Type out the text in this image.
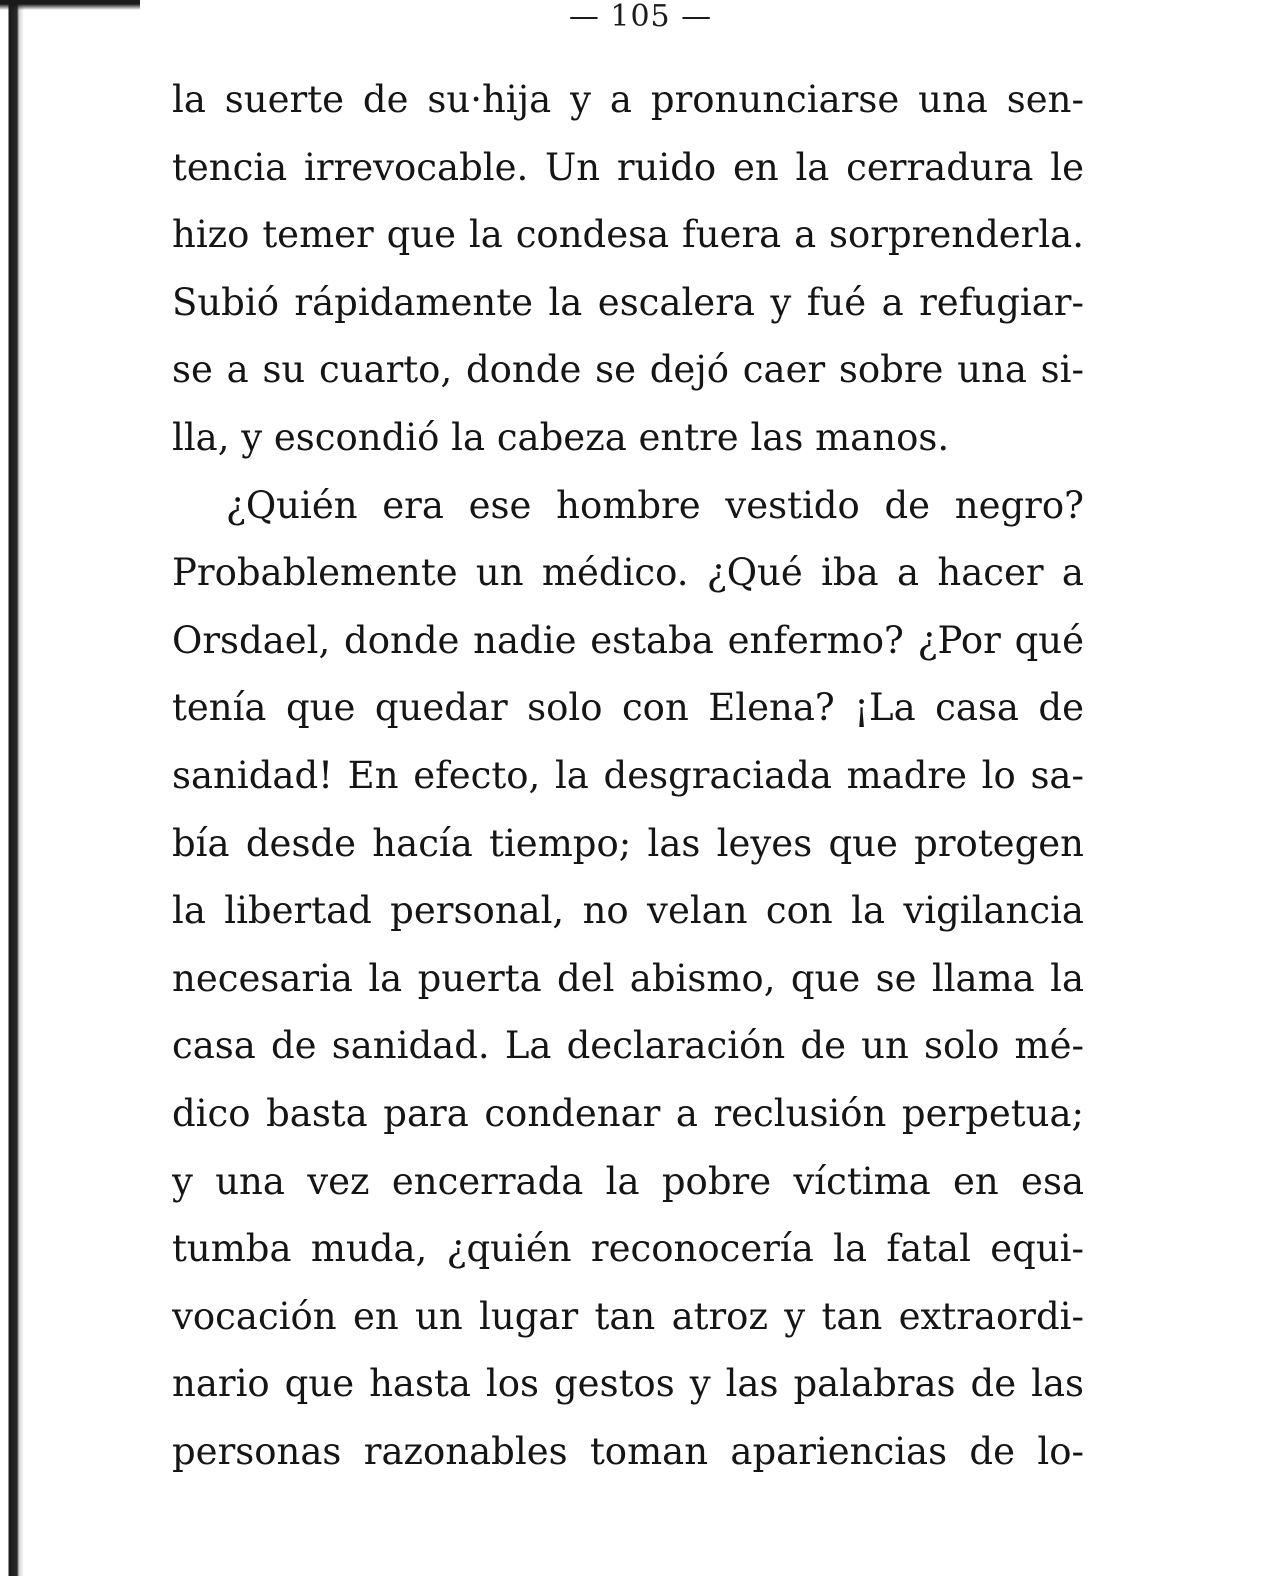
— 105 —
la suerte de su·hija y a pronunciarse una sen-
tencia irrevocable. Un ruido en la cerradura le
hizo temer que la condesa fuera a sorprenderla.
Subió rápidamente la escalera y fué a refugiar-
se a su cuarto, donde se dejó caer sobre una si-
lla, y escondió la cabeza entre las manos.
¿Quién era ese hombre vestido de negro?
Probablemente un médico. ¿Qué iba a hacer a
Orsdael, donde nadie estaba enfermo? ¿Por qué
tenía que quedar solo con Elena? ¡La casa de
sanidad! En efecto, la desgraciada madre lo sa-
bía desde hacía tiempo; las leyes que protegen
la libertad personal, no velan con la vigilancia
necesaria la puerta del abismo, que se llama la
casa de sanidad. La declaración de un solo mé-
dico basta para condenar a reclusión perpetua;
y una vez encerrada la pobre víctima en esa
tumba muda, ¿quién reconocería la fatal equi-
vocación en un lugar tan atroz y tan extraordi-
nario que hasta los gestos y las palabras de las
personas razonables toman apariencias de lo-
